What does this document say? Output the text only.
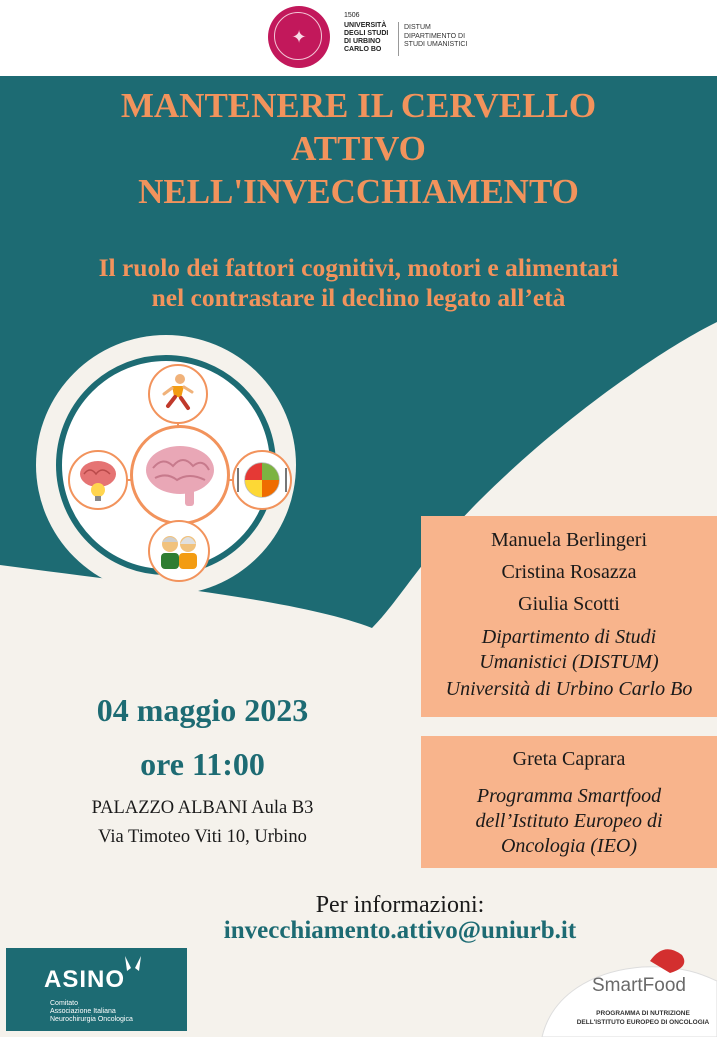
✦
1506
UNIVERSITÀ
DEGLI STUDI
DI URBINO
CARLO BO
DISTUM
DIPARTIMENTO DI
STUDI UMANISTICI
MANTENERE IL CERVELLO
ATTIVO
NELL'INVECCHIAMENTO
Il ruolo dei fattori cognitivi, motori e alimentari
nel contrastare il declino legato all’età
Manuela Berlingeri
Cristina Rosazza
Giulia Scotti
Dipartimento di Studi
Umanistici (DISTUM)
Università di Urbino Carlo Bo
Greta Caprara
Programma Smartfood
dell’Istituto Europeo di
Oncologia (IEO)
04 maggio 2023
ore 11:00
PALAZZO ALBANI Aula B3
Via Timoteo Viti 10, Urbino
Per informazioni:
invecchiamento.attivo@uniurb.it
ASINO
Comitato
Associazione Italiana
Neurochirurgia Oncologica
SmartFood
PROGRAMMA DI NUTRIZIONE
DELL'ISTITUTO EUROPEO DI ONCOLOGIA
